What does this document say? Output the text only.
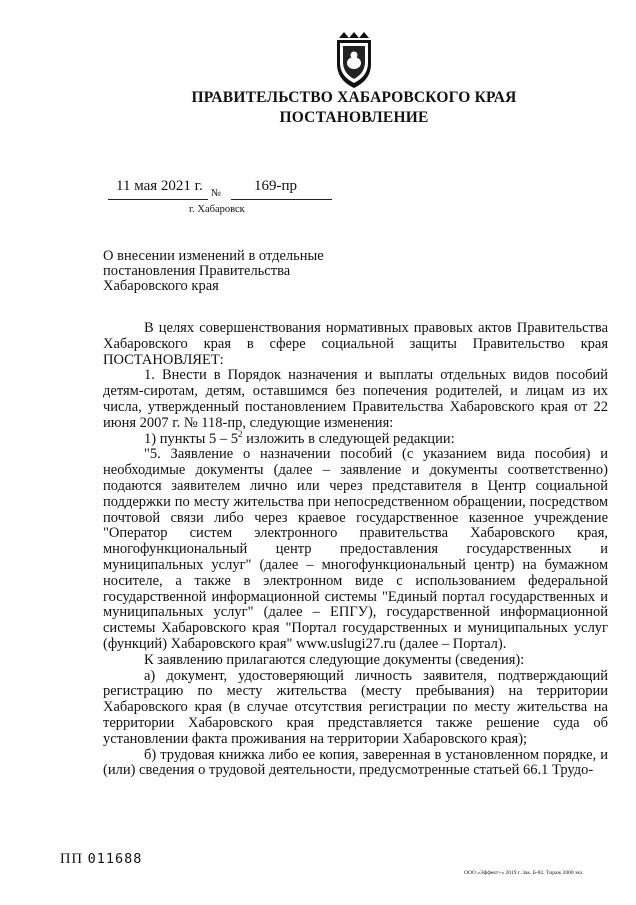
ПРАВИТЕЛЬСТВО ХАБАРОВСКОГО КРАЯ
ПОСТАНОВЛЕНИЕ
11 мая 2021 г. № 169-пр
г. Хабаровск
О внесении изменений в отдельные постановления Правительства Хабаровского края

В целях совершенствования нормативных правовых актов Правительства Хабаровского края в сфере социальной защиты Правительство края ПОСТАНОВЛЯЕТ:

1. Внести в Порядок назначения и выплаты отдельных видов пособий детям-сиротам, детям, оставшимся без попечения родителей, и лицам из их числа, утвержденный постановлением Правительства Хабаровского края от 22 июня 2007 г. № 118-пр, следующие изменения:

1) пункты $5 - 5^2$ изложить в следующей редакции:

"5. Заявление о назначении пособий (с указанием вида пособия) и необходимые документы (далее – заявление и документы соответственно) подаются заявителем лично или через представителя в Центр социальной поддержки по месту жительства при непосредственном обращении, посредством почтовой связи либо через краевое государственное казенное учреждение "Оператор систем электронного правительства Хабаровского края, многофункциональный центр предоставления государственных и муниципальных услуг" (далее – многофункциональный центр) на бумажном носителе, а также в электронном виде с использованием федеральной государственной информационной системы "Единый портал государственных и муниципальных услуг" (далее – ЕПГУ), государственной информационной системы Хабаровского края "Портал государственных и муниципальных услуг (функций) Хабаровского края" www.uslugi27.ru (далее – Портал).

К заявлению прилагаются следующие документы (сведения):

а) документ, удостоверяющий личность заявителя, подтверждающий регистрацию по месту жительства (месту пребывания) на территории Хабаровского края (в случае отсутствия регистрации по месту жительства на территории Хабаровского края представляется также решение суда об установлении факта проживания на территории Хабаровского края);

б) трудовая книжка либо ее копия, заверенная в установленном порядке, и (или) сведения о трудовой деятельности, предусмотренные статьей 66.1 Трудо-

ПП 011688
ООО «Эффект+» 2019 г. Зак. Б-82. Тираж 2000 экз.
